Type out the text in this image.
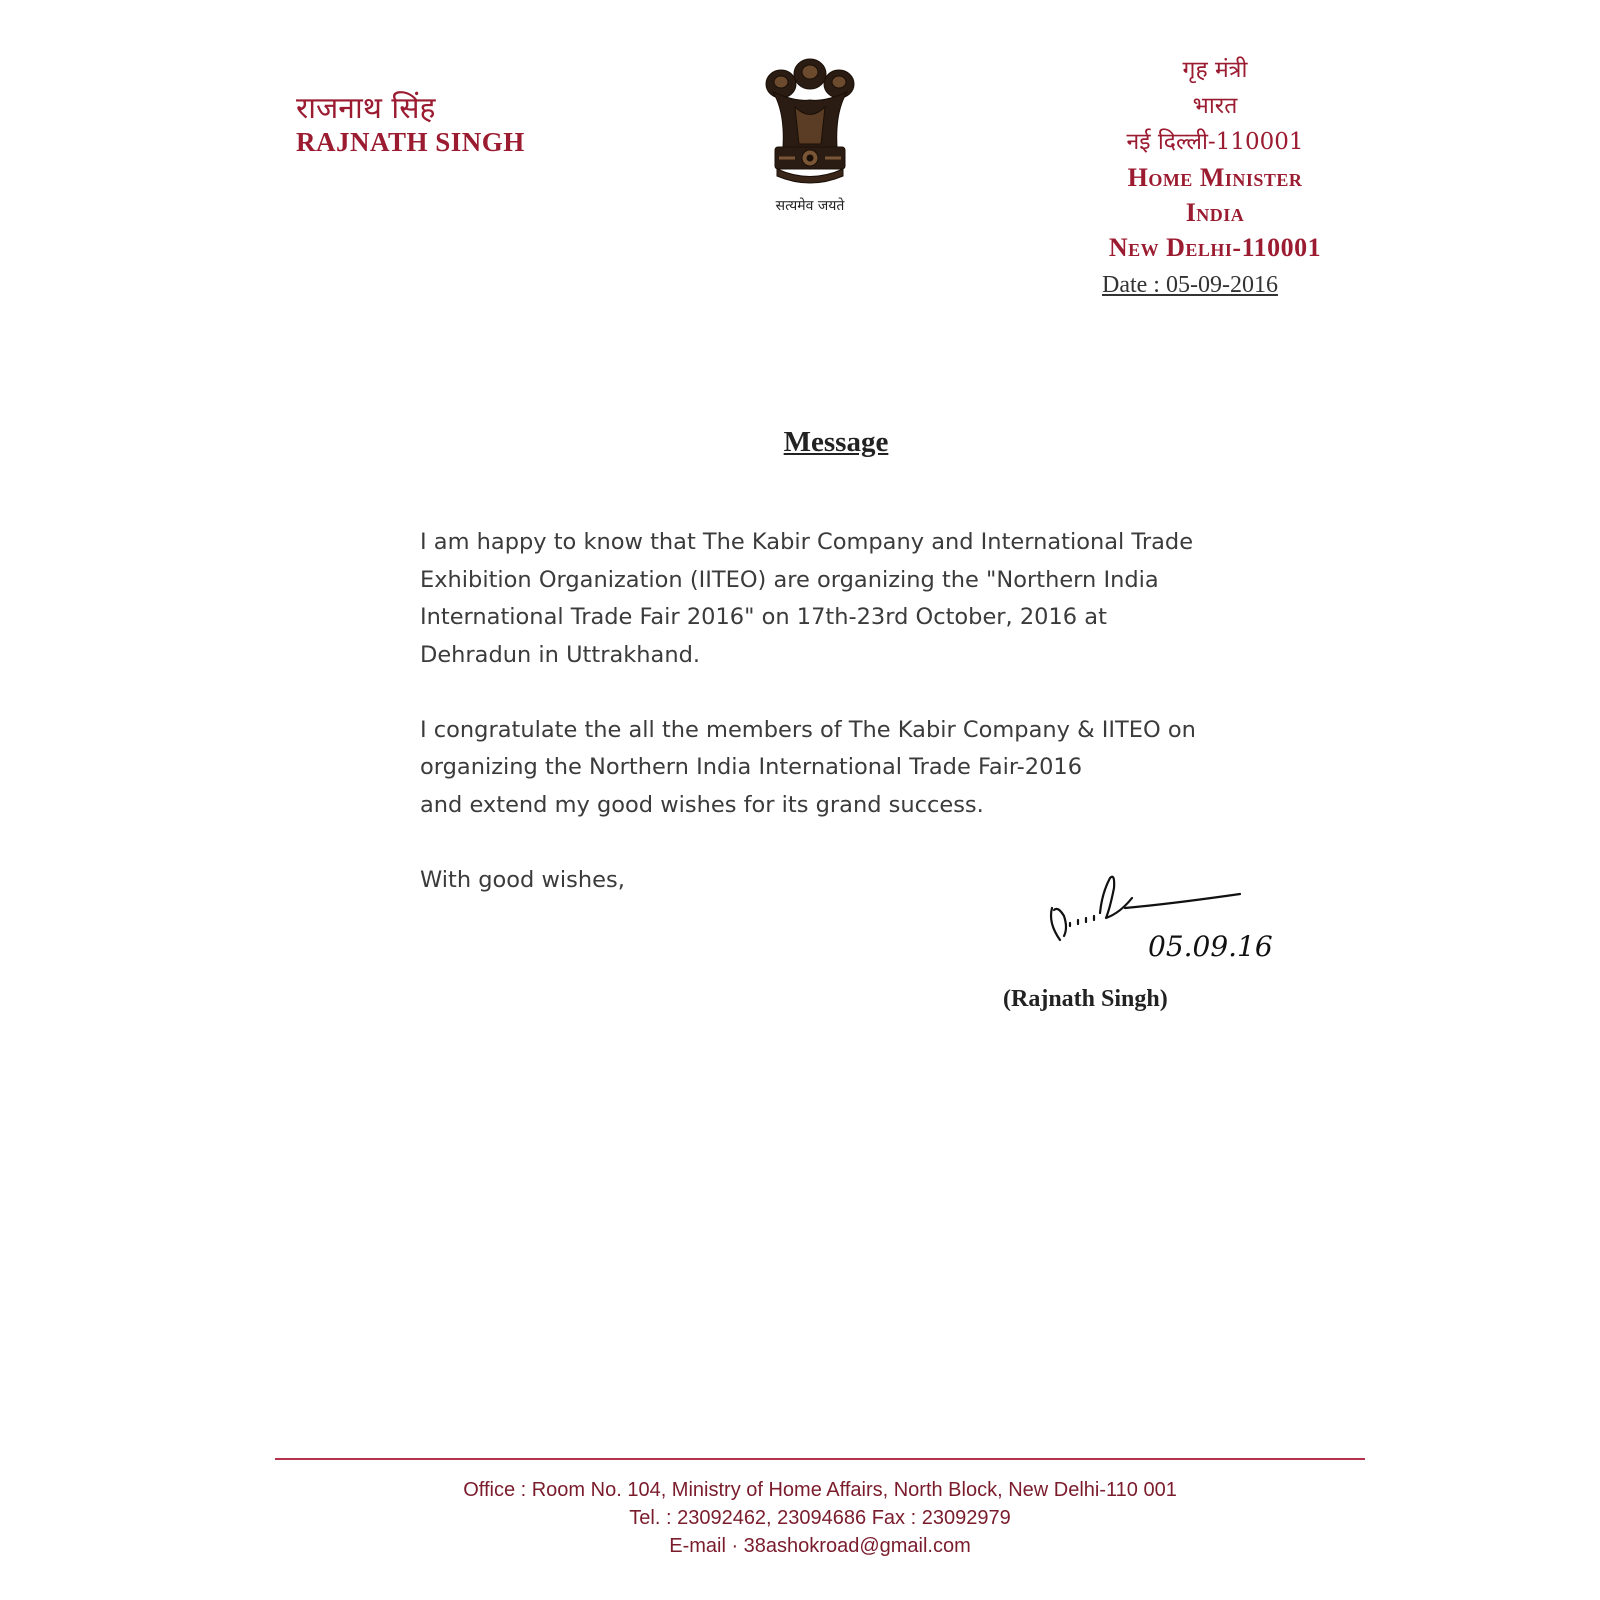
राजनाथ सिंह
RAJNATH SINGH
सत्यमेव जयते
गृह मंत्री
भारत
नई दिल्ली-110001
Home Minister
India
New Delhi-110001
Date : 05-09-2016
Message

I am happy to know that The Kabir Company and International Trade Exhibition Organization (IITEO) are organizing the "Northern India International Trade Fair 2016" on 17th-23rd October, 2016 at Dehradun in Uttrakhand.

I congratulate the all the members of The Kabir Company & IITEO on organizing the Northern India International Trade Fair-2016

and extend my good wishes for its grand success.

With good wishes,

05.09.16
(Rajnath Singh)
Office : Room No. 104, Ministry of Home Affairs, North Block, New Delhi-110 001
Tel. : 23092462, 23094686 Fax : 23092979
E-mail · 38ashokroad@gmail.com
